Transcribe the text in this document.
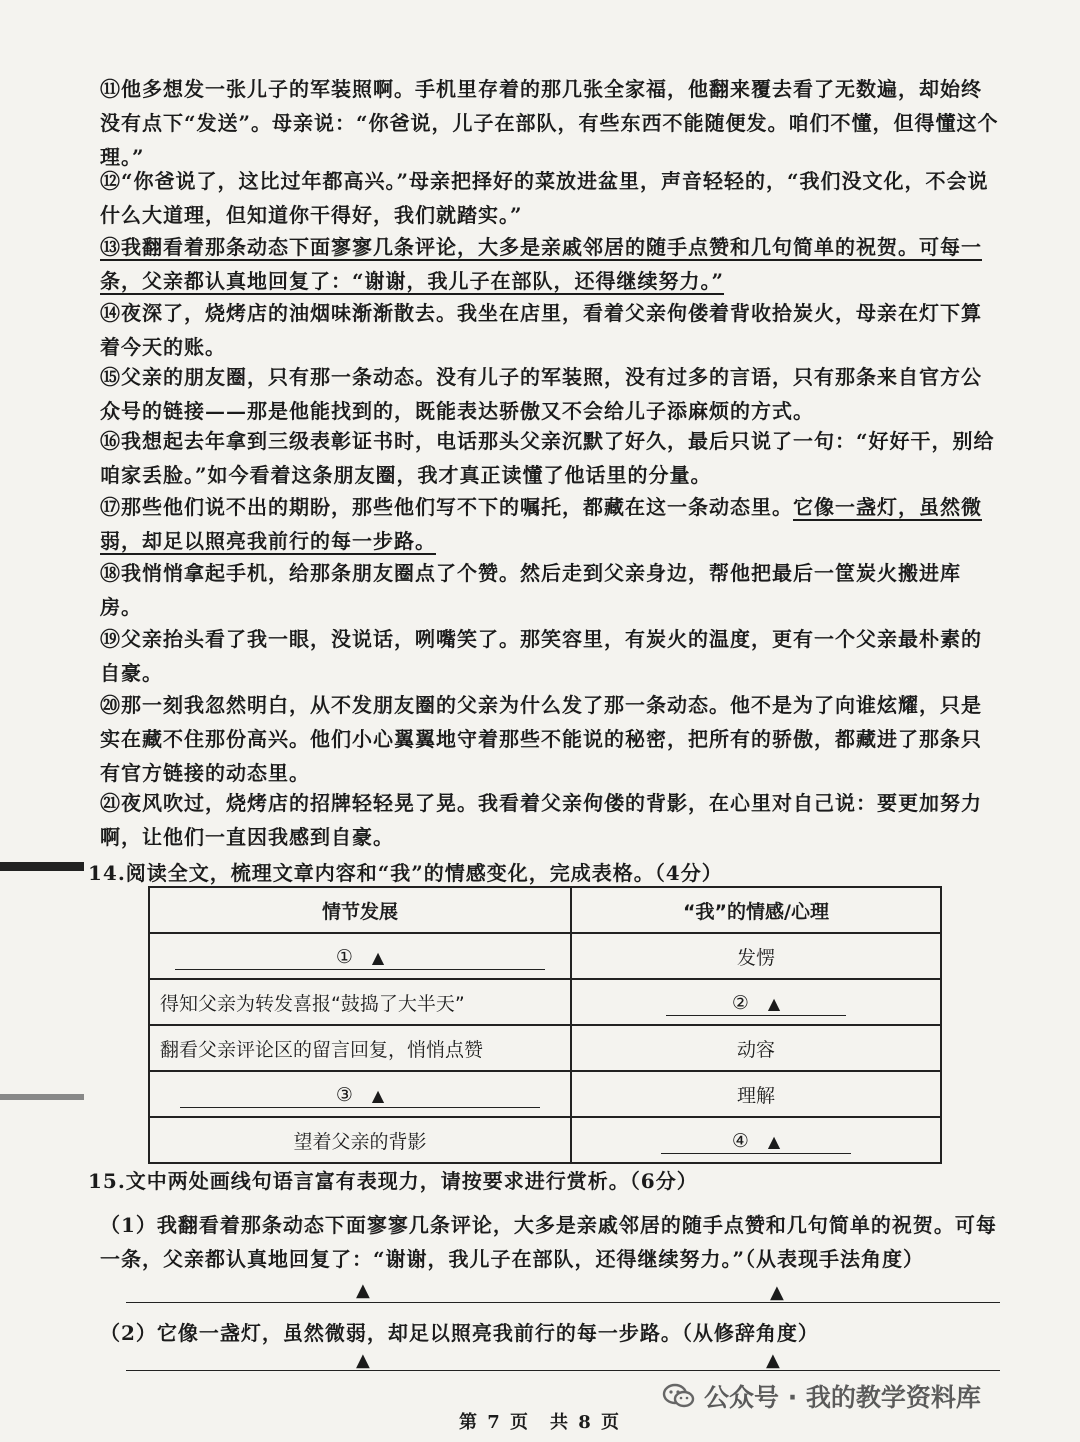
⑪他多想发一张儿子的军装照啊。手机里存着的那几张全家福，他翻来覆去看了无数遍，却始终没有点下“发送”。母亲说：“你爸说，儿子在部队，有些东西不能随便发。咱们不懂，但得懂这个理。”

⑫“你爸说了，这比过年都高兴。”母亲把择好的菜放进盆里，声音轻轻的，“我们没文化，不会说什么大道理，但知道你干得好，我们就踏实。”

⑬我翻看着那条动态下面寥寥几条评论，大多是亲戚邻居的随手点赞和几句简单的祝贺。可每一条，父亲都认真地回复了：“谢谢，我儿子在部队，还得继续努力。”

⑭夜深了，烧烤店的油烟味渐渐散去。我坐在店里，看着父亲佝偻着背收拾炭火，母亲在灯下算着今天的账。

⑮父亲的朋友圈，只有那一条动态。没有儿子的军装照，没有过多的言语，只有那条来自官方公众号的链接——那是他能找到的，既能表达骄傲又不会给儿子添麻烦的方式。

⑯我想起去年拿到三级表彰证书时，电话那头父亲沉默了好久，最后只说了一句：“好好干，别给咱家丢脸。”如今看着这条朋友圈，我才真正读懂了他话里的分量。

⑰那些他们说不出的期盼，那些他们写不下的嘱托，都藏在这一条动态里。它像一盏灯，虽然微弱，却足以照亮我前行的每一步路。

⑱我悄悄拿起手机，给那条朋友圈点了个赞。然后走到父亲身边，帮他把最后一筐炭火搬进库房。

⑲父亲抬头看了我一眼，没说话，咧嘴笑了。那笑容里，有炭火的温度，更有一个父亲最朴素的自豪。

⑳那一刻我忽然明白，从不发朋友圈的父亲为什么发了那一条动态。他不是为了向谁炫耀，只是实在藏不住那份高兴。他们小心翼翼地守着那些不能说的秘密，把所有的骄傲，都藏进了那条只有官方链接的动态里。

㉑夜风吹过，烧烤店的招牌轻轻晃了晃。我看着父亲佝偻的背影，在心里对自己说：要更加努力啊，让他们一直因我感到自豪。

14.阅读全文，梳理文章内容和“我”的情感变化，完成表格。（4分）

情节发展	“我”的情感/心理
①　 ▲	发愣
得知父亲为转发喜报“鼓捣了大半天”	②　 ▲
翻看父亲评论区的留言回复，悄悄点赞	动容
③　 ▲	理解
望着父亲的背影	④　 ▲

15.文中两处画线句语言富有表现力，请按要求进行赏析。（6分）

（1）我翻看着那条动态下面寥寥几条评论，大多是亲戚邻居的随手点赞和几句简单的祝贺。可每一条，父亲都认真地回复了：“谢谢，我儿子在部队，还得继续努力。”（从表现手法角度）

▲	▲

（2）它像一盏灯，虽然微弱，却足以照亮我前行的每一步路。（从修辞角度）

▲	▲
公众号 · 我的教学资料库
第 7 页　共 8 页
